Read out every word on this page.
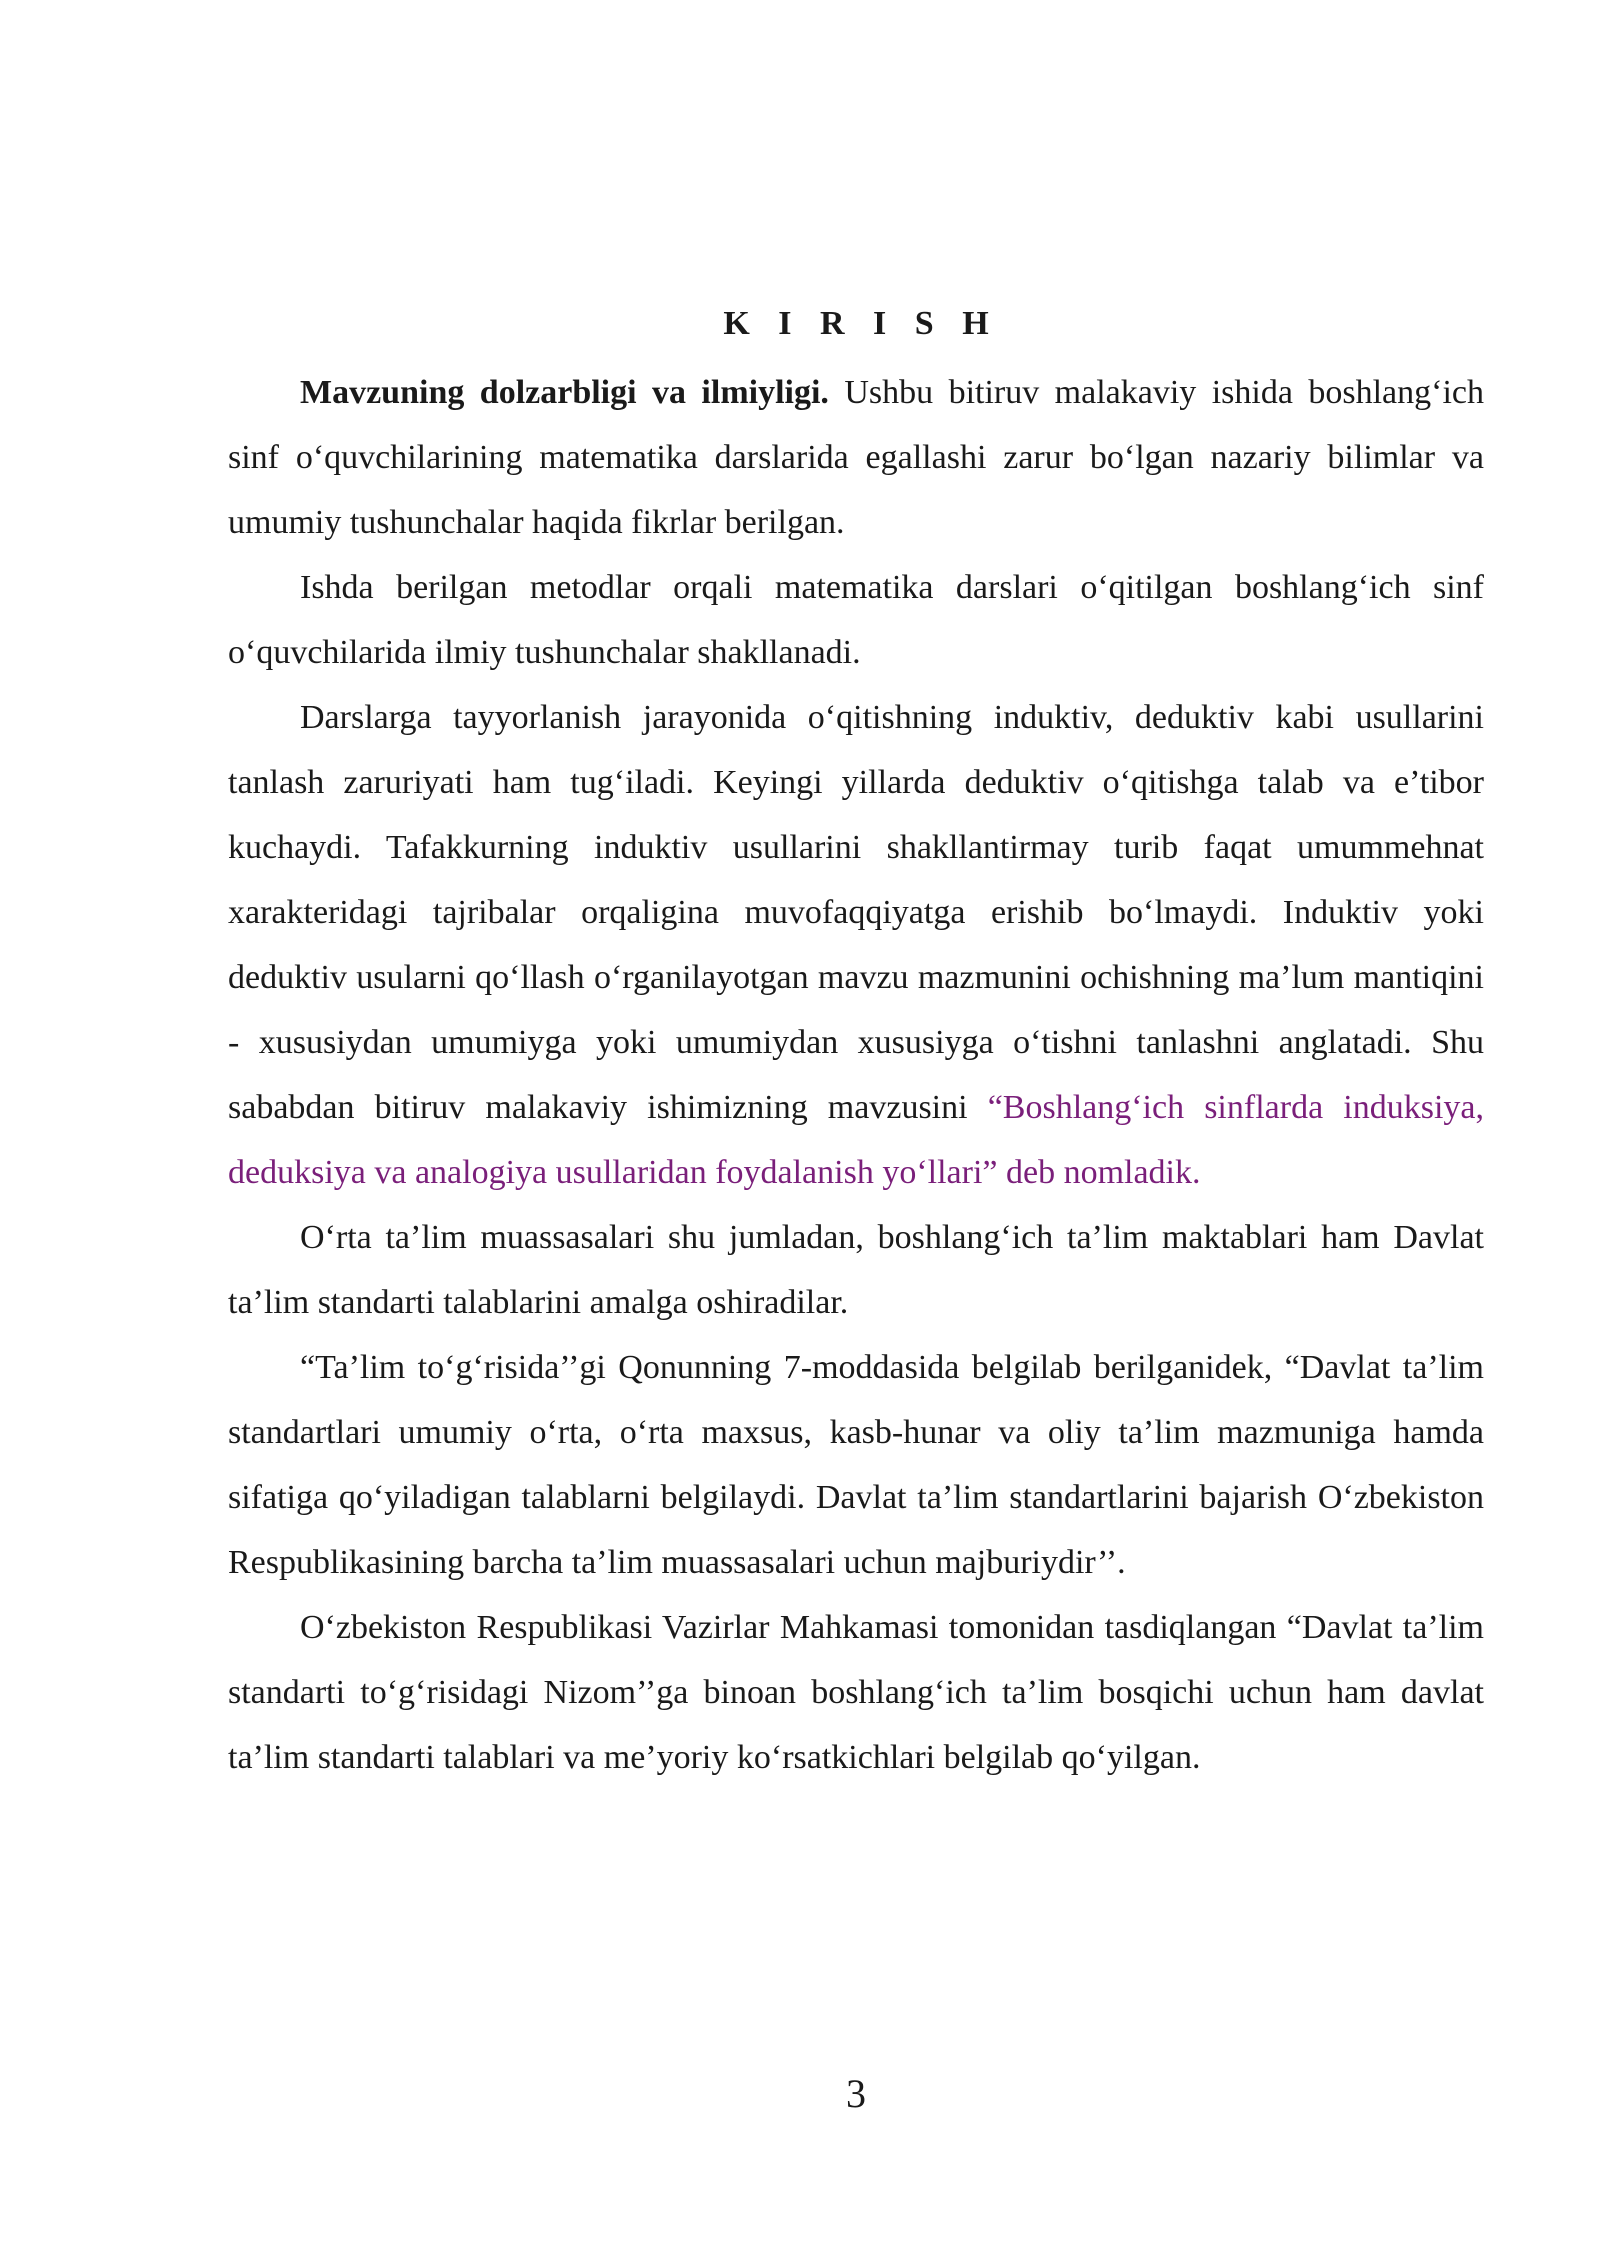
K I R I S H

Mavzuning dolzarbligi va ilmiyligi. Ushbu bitiruv malakaviy ishida boshlang‘ich sinf o‘quvchilarining matematika darslarida egallashi zarur bo‘lgan nazariy bilimlar va umumiy tushunchalar haqida fikrlar berilgan.

Ishda berilgan metodlar orqali matematika darslari o‘qitilgan boshlang‘ich sinf o‘quvchilarida ilmiy tushunchalar shakllanadi.

Darslarga tayyorlanish jarayonida o‘qitishning induktiv, deduktiv kabi usullarini tanlash zaruriyati ham tug‘iladi. Keyingi yillarda deduktiv o‘qitishga talab va e’tibor kuchaydi. Tafakkurning induktiv usullarini shakllantirmay turib faqat umummehnat xarakteridagi tajribalar orqaligina muvofaqqiyatga erishib bo‘lmaydi. Induktiv yoki deduktiv usularni qo‘llash o‘rganilayotgan mavzu mazmunini ochishning ma’lum mantiqini - xususiydan umumiyga yoki umumiydan xususiyga o‘tishni tanlashni anglatadi. Shu sababdan bitiruv malakaviy ishimizning mavzusini “Boshlang‘ich sinflarda induksiya, deduksiya va analogiya usullaridan foydalanish yo‘llari” deb nomladik.

O‘rta ta’lim muassasalari shu jumladan, boshlang‘ich ta’lim maktablari ham Davlat ta’lim standarti talablarini amalga oshiradilar.

“Ta’lim to‘g‘risida’’gi Qonunning 7-moddasida belgilab berilganidek, “Davlat ta’lim standartlari umumiy o‘rta, o‘rta maxsus, kasb-hunar va oliy ta’lim mazmuniga hamda sifatiga qo‘yiladigan talablarni belgilaydi. Davlat ta’lim standartlarini bajarish O‘zbekiston Respublikasining barcha ta’lim muassasalari uchun majburiydir’’.

O‘zbekiston Respublikasi Vazirlar Mahkamasi tomonidan tasdiqlangan “Davlat ta’lim standarti to‘g‘risidagi Nizom’’ga binoan boshlang‘ich ta’lim bosqichi uchun ham davlat ta’lim standarti talablari va me’yoriy ko‘rsatkichlari belgilab qo‘yilgan.

3
